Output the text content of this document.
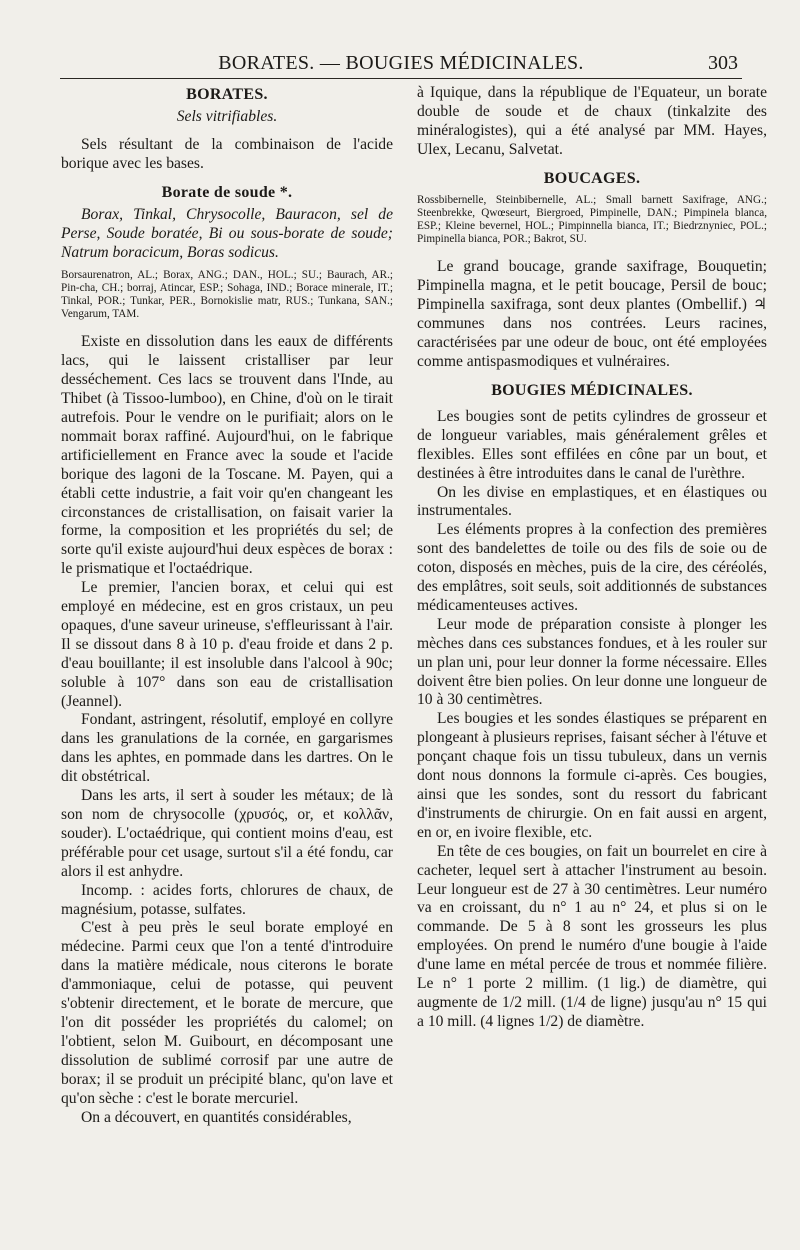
BORATES. — BOUGIES MÉDICINALES.	303
BORATES.
Sels vitrifiables.

Sels résultant de la combinaison de l'acide borique avec les bases.

Borate de soude *.

Borax, Tinkal, Chrysocolle, Bauracon, sel de Perse, Soude boratée, Bi ou sous-borate de soude; Natrum boracicum, Boras sodicus.

Borsaurenatron, AL.; Borax, ANG.; DAN., HOL.; SU.; Baurach, AR.; Pin-cha, CH.; borraj, Atincar, ESP.; Sohaga, IND.; Borace minerale, IT.; Tinkal, POR.; Tunkar, PER., Bornokislie matr, RUS.; Tunkana, SAN.; Vengarum, TAM.

Existe en dissolution dans les eaux de différents lacs, qui le laissent cristalliser par leur desséchement. Ces lacs se trouvent dans l'Inde, au Thibet (à Tissoo-lumboo), en Chine, d'où on le tirait autrefois. Pour le vendre on le purifiait; alors on le nommait borax raffiné. Aujourd'hui, on le fabrique artificiellement en France avec la soude et l'acide borique des lagoni de la Toscane. M. Payen, qui a établi cette industrie, a fait voir qu'en changeant les circonstances de cristallisation, on faisait varier la forme, la composition et les propriétés du sel; de sorte qu'il existe aujourd'hui deux espèces de borax : le prismatique et l'octaédrique.

Le premier, l'ancien borax, et celui qui est employé en médecine, est en gros cristaux, un peu opaques, d'une saveur urineuse, s'effleurissant à l'air. Il se dissout dans 8 à 10 p. d'eau froide et dans 2 p. d'eau bouillante; il est insoluble dans l'alcool à 90c; soluble à 107° dans son eau de cristallisation (Jeannel).

Fondant, astringent, résolutif, employé en collyre dans les granulations de la cornée, en gargarismes dans les aphtes, en pommade dans les dartres. On le dit obstétrical.

Dans les arts, il sert à souder les métaux; de là son nom de chrysocolle (χρυσός, or, et κολλᾶν, souder). L'octaédrique, qui contient moins d'eau, est préférable pour cet usage, surtout s'il a été fondu, car alors il est anhydre.

Incomp. : acides forts, chlorures de chaux, de magnésium, potasse, sulfates.

C'est à peu près le seul borate employé en médecine. Parmi ceux que l'on a tenté d'introduire dans la matière médicale, nous citerons le borate d'ammoniaque, celui de potasse, qui peuvent s'obtenir directement, et le borate de mercure, que l'on dit posséder les propriétés du calomel; on l'obtient, selon M. Guibourt, en décomposant une dissolution de sublimé corrosif par une autre de borax; il se produit un précipité blanc, qu'on lave et qu'on sèche : c'est le borate mercuriel.

On a découvert, en quantités considérables,

à Iquique, dans la république de l'Equateur, un borate double de soude et de chaux (tinkalzite des minéralogistes), qui a été analysé par MM. Hayes, Ulex, Lecanu, Salvetat.

BOUCAGES.

Rossbibernelle, Steinbibernelle, AL.; Small barnett Saxifrage, ANG.; Steenbrekke, Qwœseurt, Biergroed, Pimpinelle, DAN.; Pimpinela blanca, ESP.; Kleine bevernel, HOL.; Pimpinnella bianca, IT.; Biedrznyniec, POL.; Pimpinella bianca, POR.; Bakrot, SU.

Le grand boucage, grande saxifrage, Bouquetin; Pimpinella magna, et le petit boucage, Persil de bouc; Pimpinella saxifraga, sont deux plantes (Ombellif.) ♃ communes dans nos contrées. Leurs racines, caractérisées par une odeur de bouc, ont été employées comme antispasmodiques et vulnéraires.

BOUGIES MÉDICINALES.

Les bougies sont de petits cylindres de grosseur et de longueur variables, mais généralement grêles et flexibles. Elles sont effilées en cône par un bout, et destinées à être introduites dans le canal de l'urèthre.

On les divise en emplastiques, et en élastiques ou instrumentales.

Les éléments propres à la confection des premières sont des bandelettes de toile ou des fils de soie ou de coton, disposés en mèches, puis de la cire, des céréolés, des emplâtres, soit seuls, soit additionnés de substances médicamenteuses actives.

Leur mode de préparation consiste à plonger les mèches dans ces substances fondues, et à les rouler sur un plan uni, pour leur donner la forme nécessaire. Elles doivent être bien polies. On leur donne une longueur de 10 à 30 centimètres.

Les bougies et les sondes élastiques se préparent en plongeant à plusieurs reprises, faisant sécher à l'étuve et ponçant chaque fois un tissu tubuleux, dans un vernis dont nous donnons la formule ci-après. Ces bougies, ainsi que les sondes, sont du ressort du fabricant d'instruments de chirurgie. On en fait aussi en argent, en or, en ivoire flexible, etc.

En tête de ces bougies, on fait un bourrelet en cire à cacheter, lequel sert à attacher l'instrument au besoin. Leur longueur est de 27 à 30 centimètres. Leur numéro va en croissant, du n° 1 au n° 24, et plus si on le commande. De 5 à 8 sont les grosseurs les plus employées. On prend le numéro d'une bougie à l'aide d'une lame en métal percée de trous et nommée filière. Le n° 1 porte 2 millim. (1 lig.) de diamètre, qui augmente de 1/2 mill. (1/4 de ligne) jusqu'au n° 15 qui a 10 mill. (4 lignes 1/2) de diamètre.
